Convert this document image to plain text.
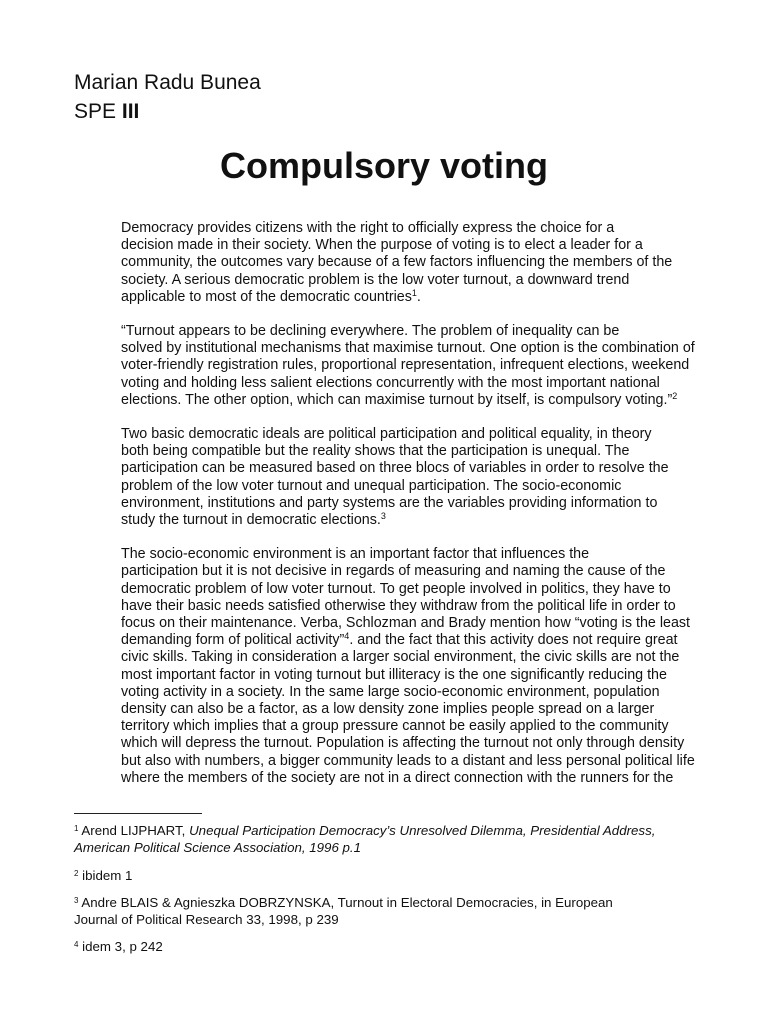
Marian Radu Bunea
SPE III
Compulsory voting

Democracy provides citizens with the right to officially express the choice for a
decision made in their society. When the purpose of voting is to elect a leader for a
community, the outcomes vary because of a few factors influencing the members of the
society. A serious democratic problem is the low voter turnout, a downward trend
applicable to most of the democratic countries$^1$.

“Turnout appears to be declining everywhere. The problem of inequality can be
solved by institutional mechanisms that maximise turnout. One option is the combination of
voter-friendly registration rules, proportional representation, infrequent elections, weekend
voting and holding less salient elections concurrently with the most important national
elections. The other option, which can maximise turnout by itself, is compulsory voting.”$^2$

Two basic democratic ideals are political participation and political equality, in theory
both being compatible but the reality shows that the participation is unequal. The
participation can be measured based on three blocs of variables in order to resolve the
problem of the low voter turnout and unequal participation. The socio-economic
environment, institutions and party systems are the variables providing information to
study the turnout in democratic elections.$^3$

The socio-economic environment is an important factor that influences the
participation but it is not decisive in regards of measuring and naming the cause of the
democratic problem of low voter turnout. To get people involved in politics, they have to
have their basic needs satisfied otherwise they withdraw from the political life in order to
focus on their maintenance. Verba, Schlozman and Brady mention how “voting is the least
demanding form of political activity”$^4$. and the fact that this activity does not require great
civic skills. Taking in consideration a larger social environment, the civic skills are not the
most important factor in voting turnout but illiteracy is the one significantly reducing the
voting activity in a society. In the same large socio-economic environment, population
density can also be a factor, as a low density zone implies people spread on a larger
territory which implies that a group pressure cannot be easily applied to the community
which will depress the turnout. Population is affecting the turnout not only through density
but also with numbers, a bigger community leads to a distant and less personal political life
where the members of the society are not in a direct connection with the runners for the

$^1$ Arend LIJPHART, Unequal Participation Democracy’s Unresolved Dilemma, Presidential Address,
American Political Science Association, 1996 p.1

$^2$ ibidem 1

$^3$ Andre BLAIS & Agnieszka DOBRZYNSKA, Turnout in Electoral Democracies, in European
Journal of Political Research 33, 1998, p 239

$^4$ idem 3, p 242
